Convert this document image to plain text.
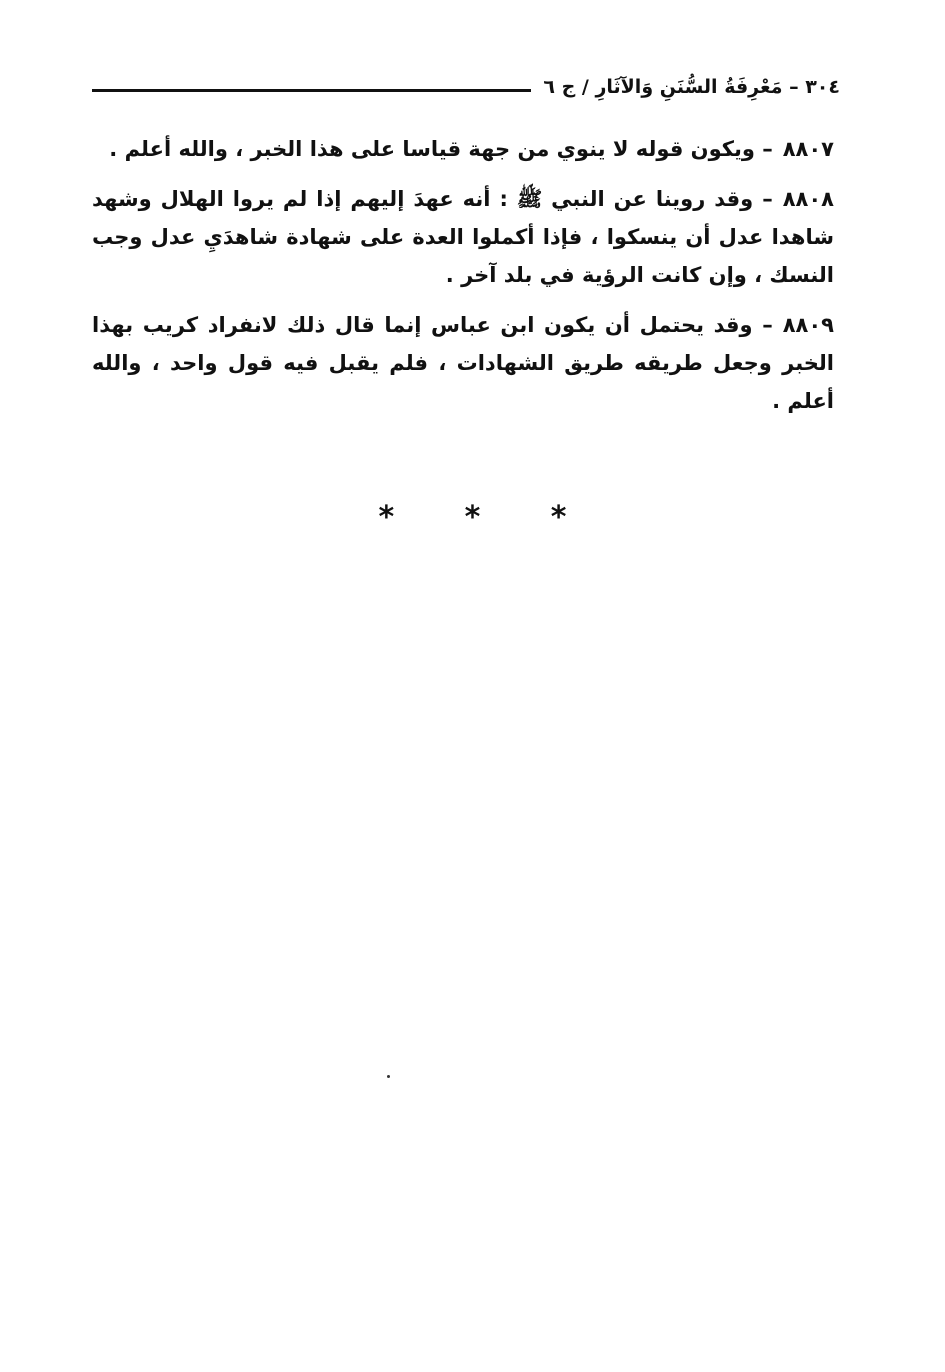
٣٠٤ – مَعْرِفَةُ السُّنَنِ وَالآثَارِ / ج ٦

٨٨٠٧– ويكون قوله لا ينوي من جهة قياسا على هذا الخبر ، والله أعلم .

٨٨٠٨– وقد روينا عن النبي ﷺ : أنه عهدَ إليهم إذا لم يروا الهلال وشهد شاهدا عدل أن ينسكوا ، فإذا أكملوا العدة على شهادة شاهدَيِ عدل وجب النسك ، وإن كانت الرؤية في بلد آخر .

٨٨٠٩– وقد يحتمل أن يكون ابن عباس إنما قال ذلك لانفراد كريب بهذا الخبر وجعل طريقه طريق الشهادات ، فلم يقبل فيه قول واحد ، والله أعلم .

* * *
